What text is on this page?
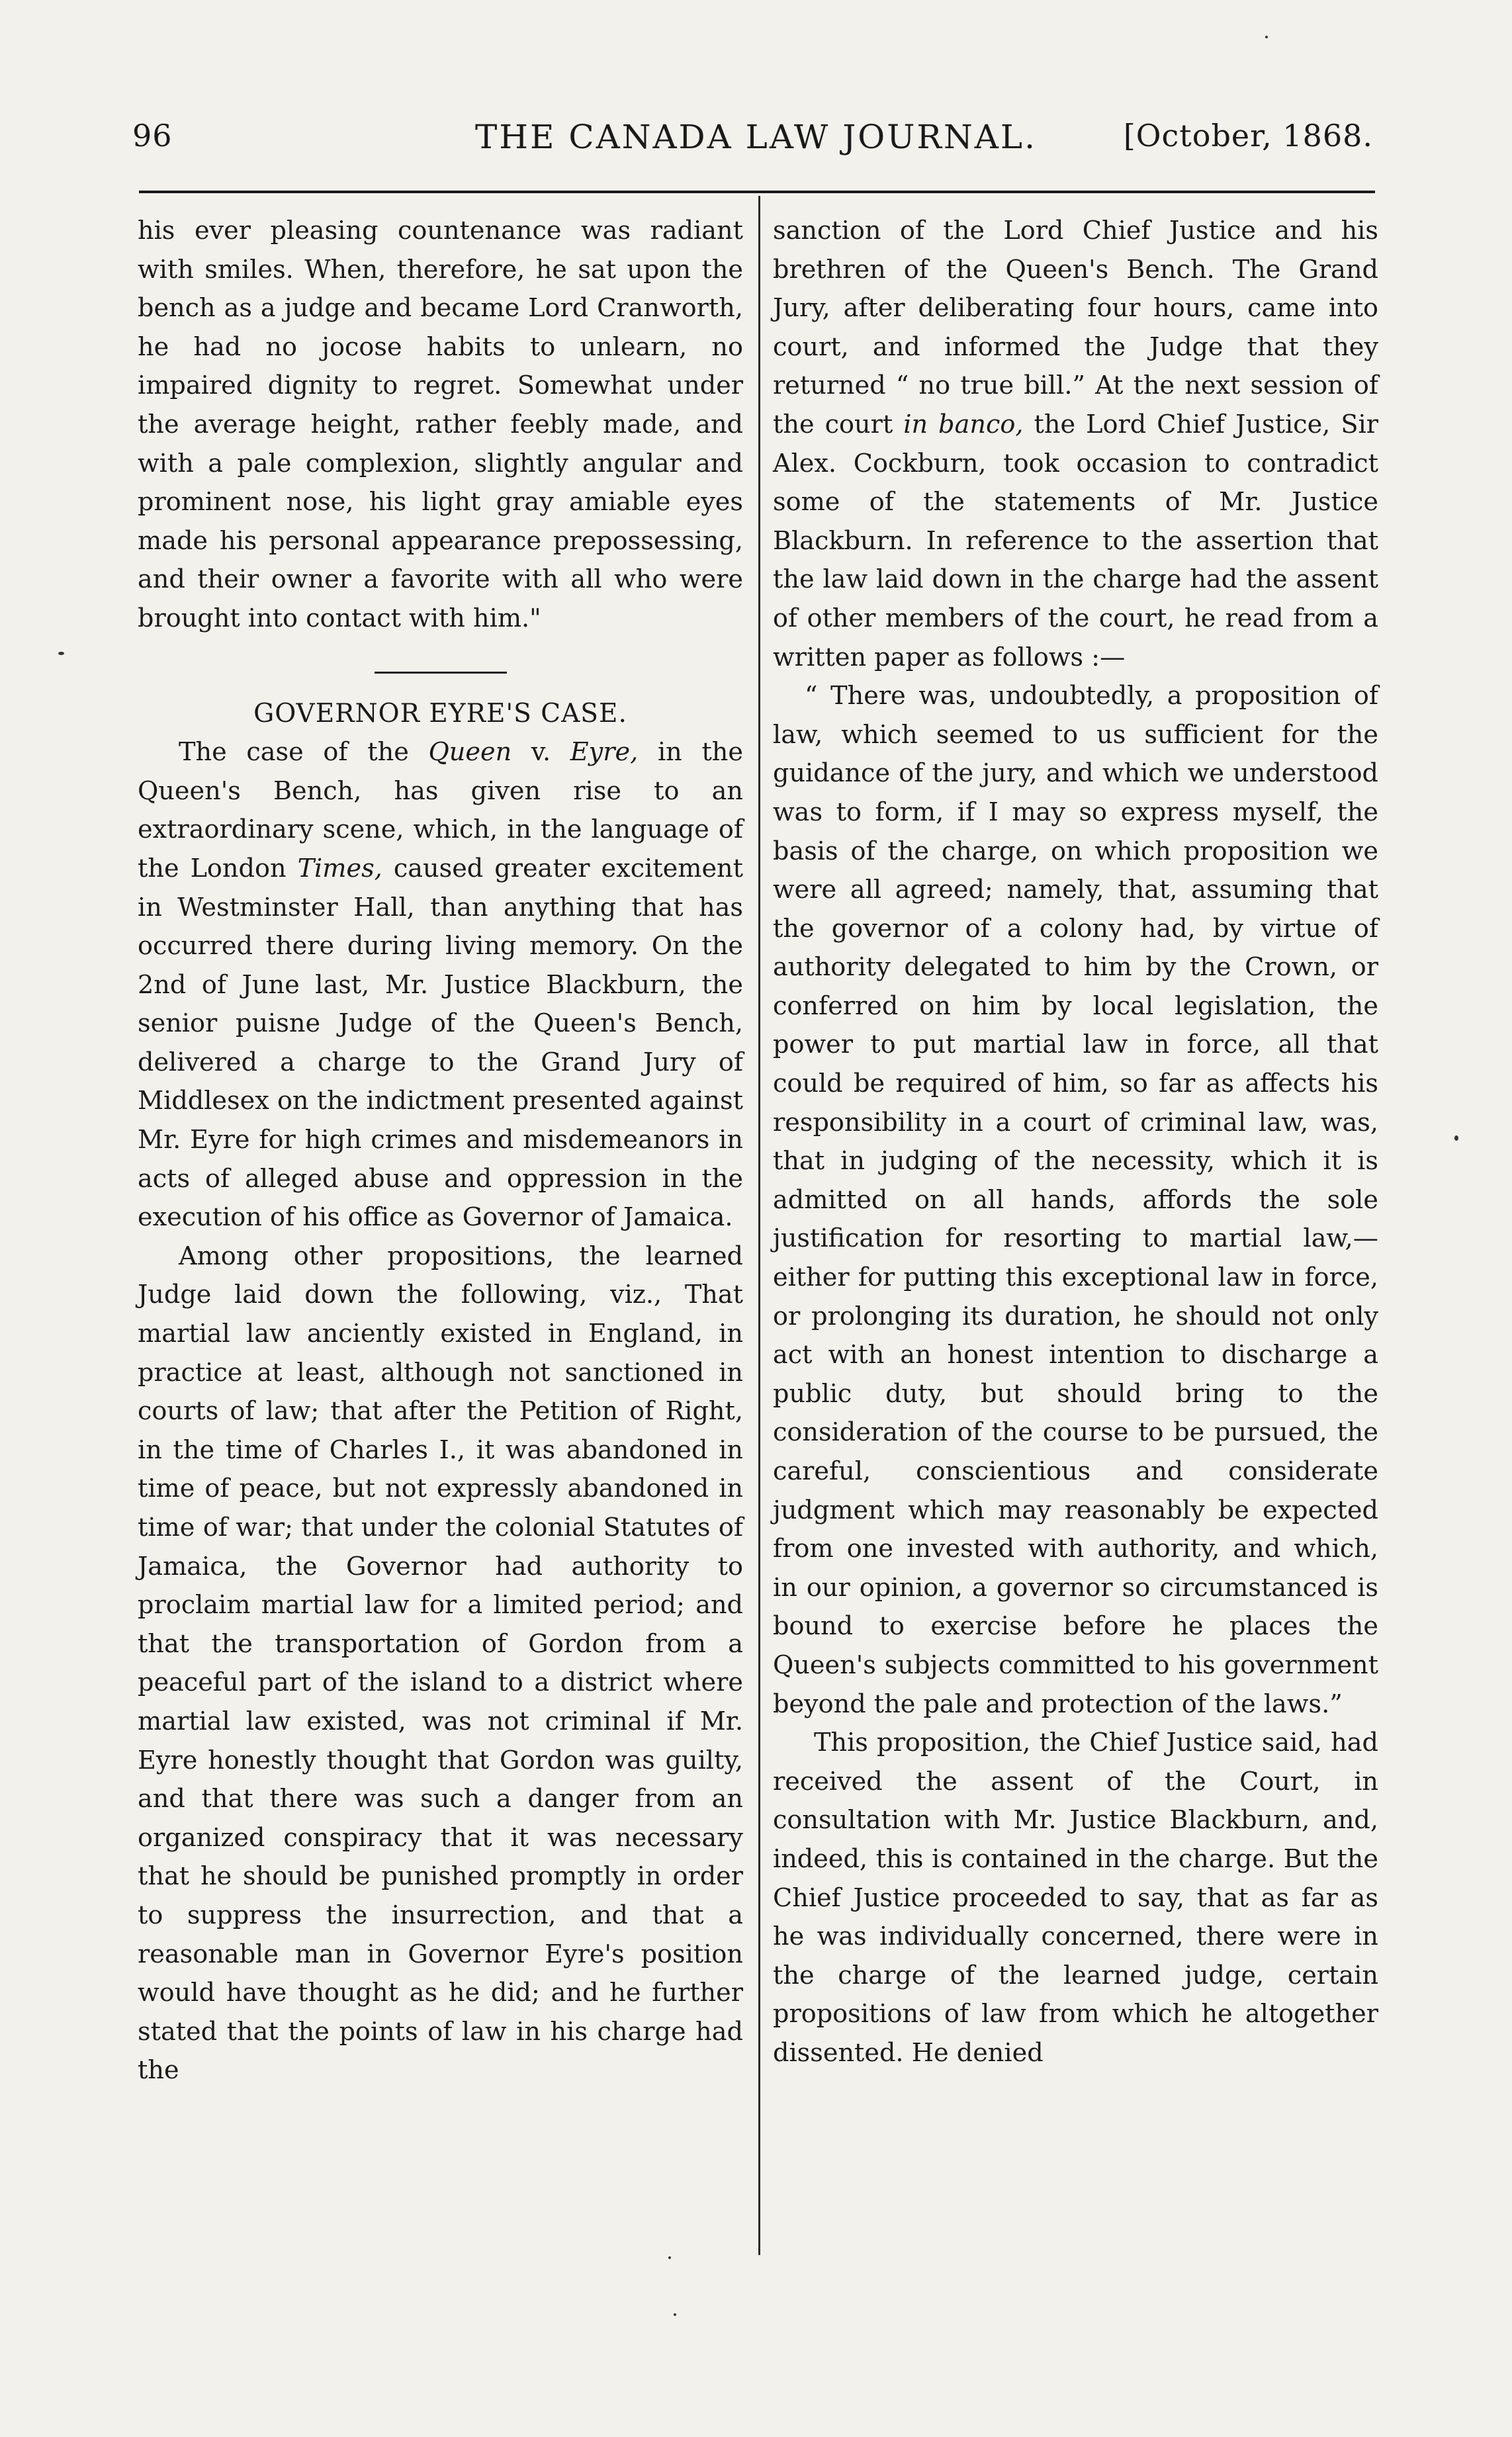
96	THE CANADA LAW JOURNAL.	[October, 1868.

his ever pleasing countenance was radiant with smiles. When, therefore, he sat upon the bench as a judge and became Lord Cranworth, he had no jocose habits to unlearn, no impaired dignity to regret. Somewhat under the average height, rather feebly made, and with a pale complexion, slightly angular and prominent nose, his light gray amiable eyes made his personal appearance prepossessing, and their owner a favorite with all who were brought into contact with him."

GOVERNOR EYRE'S CASE.

The case of the Queen v. Eyre, in the Queen's Bench, has given rise to an extraordinary scene, which, in the language of the London Times, caused greater excitement in Westminster Hall, than anything that has occurred there during living memory. On the 2nd of June last, Mr. Justice Blackburn, the senior puisne Judge of the Queen's Bench, delivered a charge to the Grand Jury of Middlesex on the indictment presented against Mr. Eyre for high crimes and misdemeanors in acts of alleged abuse and oppression in the execution of his office as Governor of Jamaica.

Among other propositions, the learned Judge laid down the following, viz., That martial law anciently existed in England, in practice at least, although not sanctioned in courts of law; that after the Petition of Right, in the time of Charles I., it was abandoned in time of peace, but not expressly abandoned in time of war; that under the colonial Statutes of Jamaica, the Governor had authority to proclaim martial law for a limited period; and that the transportation of Gordon from a peaceful part of the island to a district where martial law existed, was not criminal if Mr. Eyre honestly thought that Gordon was guilty, and that there was such a danger from an organized conspiracy that it was necessary that he should be punished promptly in order to suppress the insurrection, and that a reasonable man in Governor Eyre's position would have thought as he did; and he further stated that the points of law in his charge had the

sanction of the Lord Chief Justice and his brethren of the Queen's Bench. The Grand Jury, after deliberating four hours, came into court, and informed the Judge that they returned “ no true bill.” At the next session of the court in banco, the Lord Chief Justice, Sir Alex. Cockburn, took occasion to contradict some of the statements of Mr. Justice Blackburn. In reference to the assertion that the law laid down in the charge had the assent of other members of the court, he read from a written paper as follows :—

“ There was, undoubtedly, a proposition of law, which seemed to us sufficient for the guidance of the jury, and which we understood was to form, if I may so express myself, the basis of the charge, on which proposition we were all agreed; namely, that, assuming that the governor of a colony had, by virtue of authority delegated to him by the Crown, or conferred on him by local legislation, the power to put martial law in force, all that could be required of him, so far as affects his responsibility in a court of criminal law, was, that in judging of the necessity, which it is admitted on all hands, affords the sole justification for resorting to martial law,—either for putting this exceptional law in force, or prolonging its duration, he should not only act with an honest intention to discharge a public duty, but should bring to the consideration of the course to be pursued, the careful, conscientious and considerate judgment which may reasonably be expected from one invested with authority, and which, in our opinion, a governor so circumstanced is bound to exercise before he places the Queen's subjects committed to his government beyond the pale and protection of the laws.”

This proposition, the Chief Justice said, had received the assent of the Court, in consultation with Mr. Justice Blackburn, and, indeed, this is contained in the charge. But the Chief Justice proceeded to say, that as far as he was individually concerned, there were in the charge of the learned judge, certain propositions of law from which he altogether dissented. He denied
